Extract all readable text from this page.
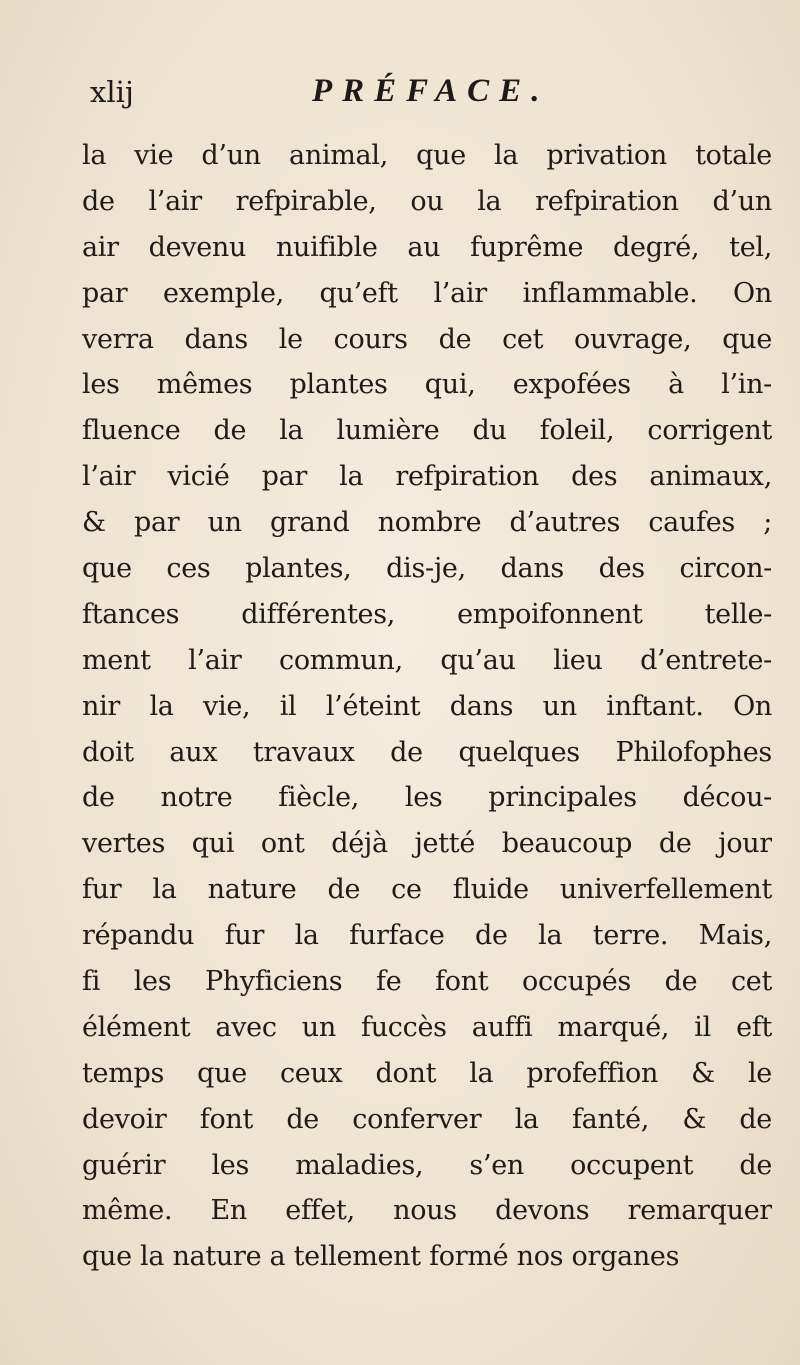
xlij	PRÉFACE.
la vie d’un animal, que la privation totale
de l’air refpirable, ou la refpiration d’un
air devenu nuifible au fuprême degré, tel,
par exemple, qu’eft l’air inflammable. On
verra dans le cours de cet ouvrage, que
les mêmes plantes qui, expofées à l’in-
fluence de la lumière du foleil, corrigent
l’air vicié par la refpiration des animaux,
& par un grand nombre d’autres caufes ;
que ces plantes, dis-je, dans des circon-
ftances différentes, empoifonnent telle-
ment l’air commun, qu’au lieu d’entrete-
nir la vie, il l’éteint dans un inftant. On
doit aux travaux de quelques Philofophes
de notre fiècle, les principales décou-
vertes qui ont déjà jetté beaucoup de jour
fur la nature de ce fluide univerfellement
répandu fur la furface de la terre. Mais,
fi les Phyficiens fe font occupés de cet
élément avec un fuccès auffi marqué, il eft
temps que ceux dont la profeffion & le
devoir font de conferver la fanté, & de
guérir les maladies, s’en occupent de
même. En effet, nous devons remarquer
que la nature a tellement formé nos organes
